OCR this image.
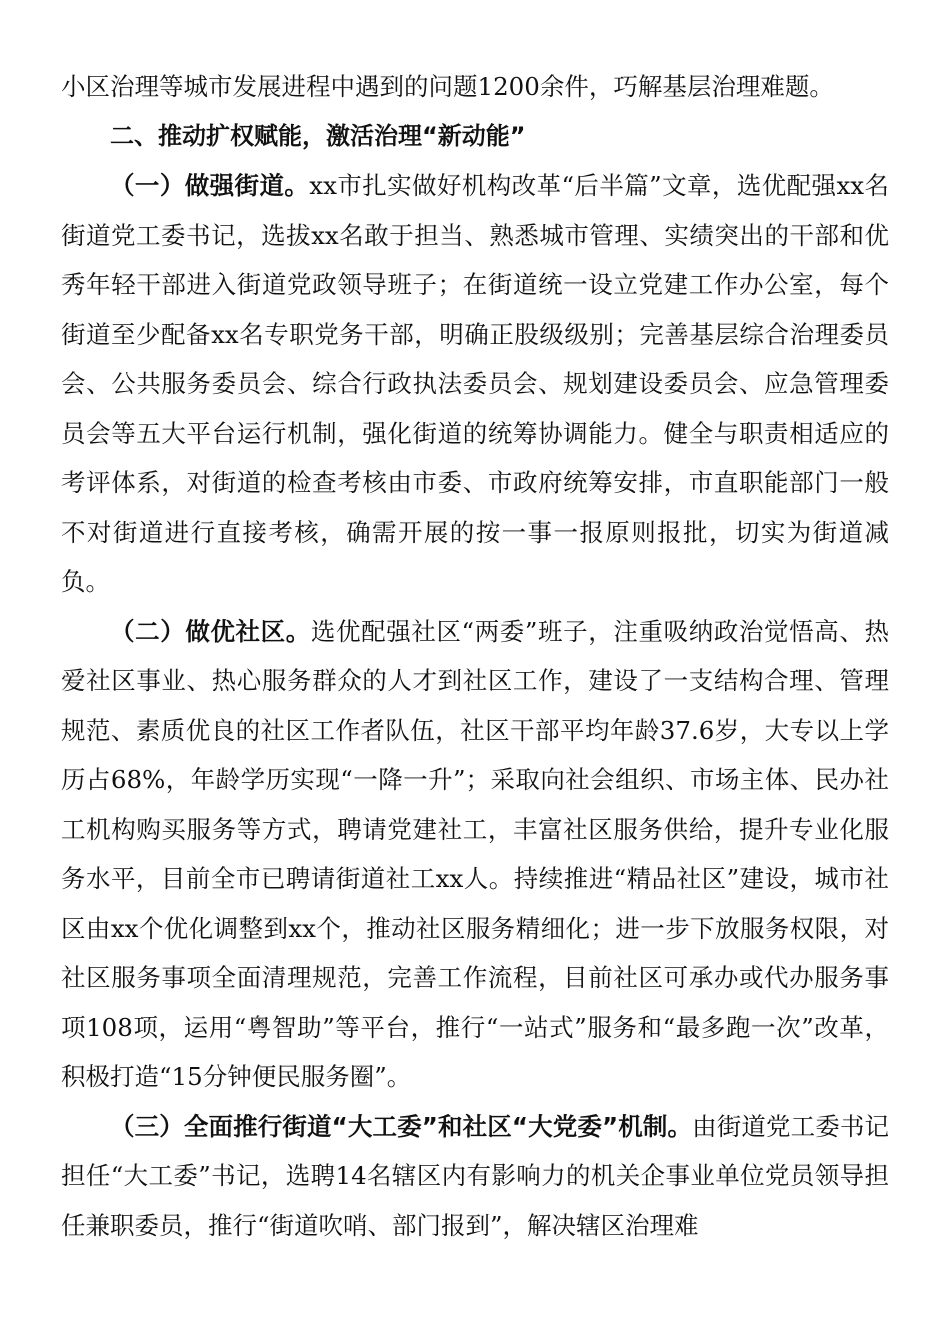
小区治理等城市发展进程中遇到的问题1200余件，巧解基层治理难题。

二、推动扩权赋能，激活治理“新动能”

（一）做强街道。xx市扎实做好机构改革“后半篇”文章，选优配强xx名街道党工委书记，选拔xx名敢于担当、熟悉城市管理、实绩突出的干部和优秀年轻干部进入街道党政领导班子；在街道统一设立党建工作办公室，每个街道至少配备xx名专职党务干部，明确正股级级别；完善基层综合治理委员会、公共服务委员会、综合行政执法委员会、规划建设委员会、应急管理委员会等五大平台运行机制，强化街道的统筹协调能力。健全与职责相适应的考评体系，对街道的检查考核由市委、市政府统筹安排，市直职能部门一般不对街道进行直接考核，确需开展的按一事一报原则报批，切实为街道减负。

（二）做优社区。选优配强社区“两委”班子，注重吸纳政治觉悟高、热爱社区事业、热心服务群众的人才到社区工作，建设了一支结构合理、管理规范、素质优良的社区工作者队伍，社区干部平均年龄37.6岁，大专以上学历占68%，年龄学历实现“一降一升”；采取向社会组织、市场主体、民办社工机构购买服务等方式，聘请党建社工，丰富社区服务供给，提升专业化服务水平，目前全市已聘请街道社工xx人。持续推进“精品社区”建设，城市社区由xx个优化调整到xx个，推动社区服务精细化；进一步下放服务权限，对社区服务事项全面清理规范，完善工作流程，目前社区可承办或代办服务事项108项，运用“粤智助”等平台，推行“一站式”服务和“最多跑一次”改革，积极打造“15分钟便民服务圈”。

（三）全面推行街道“大工委”和社区“大党委”机制。由街道党工委书记担任“大工委”书记，选聘14名辖区内有影响力的机关企事业单位党员领导担任兼职委员，推行“街道吹哨、部门报到”，解决辖区治理难
